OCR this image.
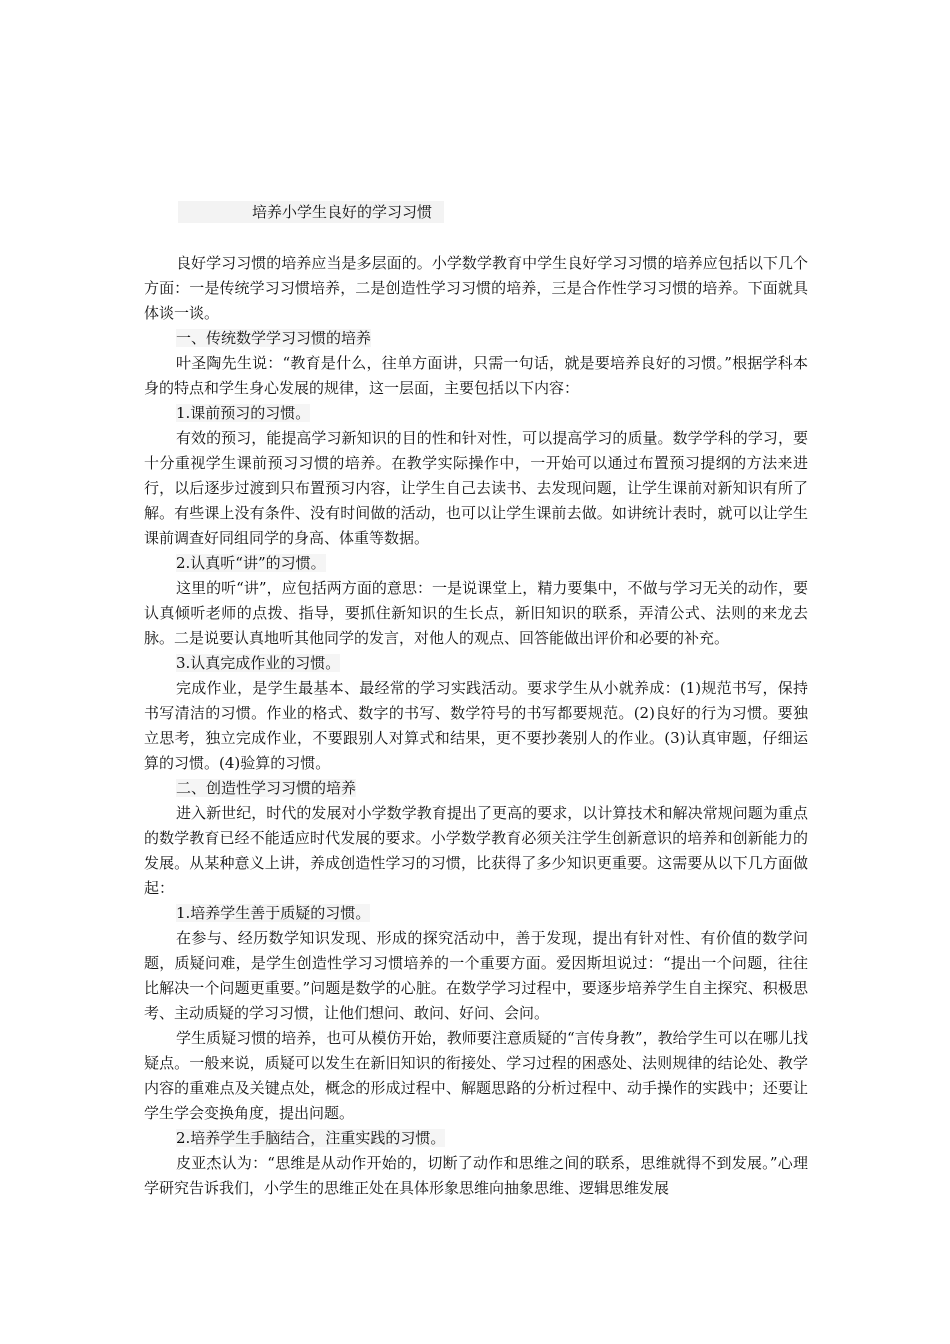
培养小学生良好的学习习惯

良好学习习惯的培养应当是多层面的。小学数学教育中学生良好学习习惯的培养应包括以下几个方面：一是传统学习习惯培养，二是创造性学习习惯的培养，三是合作性学习习惯的培养。下面就具体谈一谈。

一、传统数学学习习惯的培养

叶圣陶先生说：“教育是什么，往单方面讲，只需一句话，就是要培养良好的习惯。”根据学科本身的特点和学生身心发展的规律，这一层面，主要包括以下内容：

1.课前预习的习惯。

有效的预习，能提高学习新知识的目的性和针对性，可以提高学习的质量。数学学科的学习，要十分重视学生课前预习习惯的培养。在教学实际操作中，一开始可以通过布置预习提纲的方法来进行，以后逐步过渡到只布置预习内容，让学生自己去读书、去发现问题，让学生课前对新知识有所了解。有些课上没有条件、没有时间做的活动，也可以让学生课前去做。如讲统计表时，就可以让学生课前调查好同组同学的身高、体重等数据。

2.认真听“讲”的习惯。

这里的听“讲”，应包括两方面的意思：一是说课堂上，精力要集中，不做与学习无关的动作，要认真倾听老师的点拨、指导，要抓住新知识的生长点，新旧知识的联系，弄清公式、法则的来龙去脉。二是说要认真地听其他同学的发言，对他人的观点、回答能做出评价和必要的补充。

3.认真完成作业的习惯。

完成作业，是学生最基本、最经常的学习实践活动。要求学生从小就养成：(1)规范书写，保持书写清洁的习惯。作业的格式、数字的书写、数学符号的书写都要规范。(2)良好的行为习惯。要独立思考，独立完成作业，不要跟别人对算式和结果，更不要抄袭别人的作业。(3)认真审题，仔细运算的习惯。(4)验算的习惯。

二、创造性学习习惯的培养

进入新世纪，时代的发展对小学数学教育提出了更高的要求，以计算技术和解决常规问题为重点的数学教育已经不能适应时代发展的要求。小学数学教育必须关注学生创新意识的培养和创新能力的发展。从某种意义上讲，养成创造性学习的习惯，比获得了多少知识更重要。这需要从以下几方面做起：

1.培养学生善于质疑的习惯。

在参与、经历数学知识发现、形成的探究活动中，善于发现，提出有针对性、有价值的数学问题，质疑问难，是学生创造性学习习惯培养的一个重要方面。爱因斯坦说过：“提出一个问题，往往比解决一个问题更重要。”问题是数学的心脏。在数学学习过程中，要逐步培养学生自主探究、积极思考、主动质疑的学习习惯，让他们想问、敢问、好问、会问。

学生质疑习惯的培养，也可从模仿开始，教师要注意质疑的“言传身教”，教给学生可以在哪儿找疑点。一般来说，质疑可以发生在新旧知识的衔接处、学习过程的困惑处、法则规律的结论处、教学内容的重难点及关键点处，概念的形成过程中、解题思路的分析过程中、动手操作的实践中；还要让学生学会变换角度，提出问题。

2.培养学生手脑结合，注重实践的习惯。

皮亚杰认为：“思维是从动作开始的，切断了动作和思维之间的联系，思维就得不到发展。”心理学研究告诉我们，小学生的思维正处在具体形象思维向抽象思维、逻辑思维发展
